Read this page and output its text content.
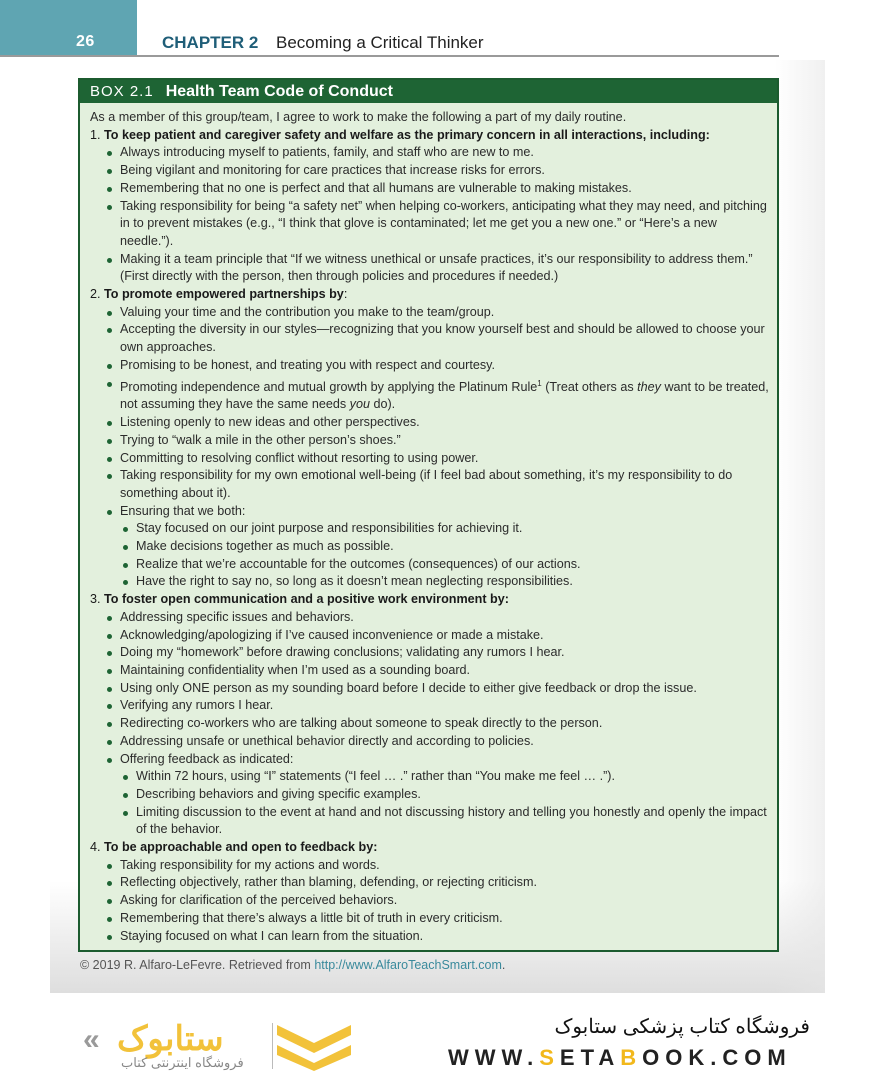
26	CHAPTER 2 Becoming a Critical Thinker
BOX 2.1 Health Team Code of Conduct
As a member of this group/team, I agree to work to make the following a part of my daily routine.
1. To keep patient and caregiver safety and welfare as the primary concern in all interactions, including:
Always introducing myself to patients, family, and staff who are new to me.
Being vigilant and monitoring for care practices that increase risks for errors.
Remembering that no one is perfect and that all humans are vulnerable to making mistakes.
Taking responsibility for being “a safety net” when helping co-workers, anticipating what they may need, and pitching in to prevent mistakes (e.g., “I think that glove is contaminated; let me get you a new one.” or “Here’s a new needle.”).
Making it a team principle that “If we witness unethical or unsafe practices, it’s our responsibility to address them.” (First directly with the person, then through policies and procedures if needed.)
2. To promote empowered partnerships by:
Valuing your time and the contribution you make to the team/group.
Accepting the diversity in our styles—recognizing that you know yourself best and should be allowed to choose your own approaches.
Promising to be honest, and treating you with respect and courtesy.
Promoting independence and mutual growth by applying the Platinum Rule$^1$ (Treat others as they want to be treated, not assuming they have the same needs you do).
Listening openly to new ideas and other perspectives.
Trying to “walk a mile in the other person’s shoes.”
Committing to resolving conflict without resorting to using power.
Taking responsibility for my own emotional well-being (if I feel bad about something, it’s my responsibility to do something about it).
Ensuring that we both:
Stay focused on our joint purpose and responsibilities for achieving it.
Make decisions together as much as possible.
Realize that we’re accountable for the outcomes (consequences) of our actions.
Have the right to say no, so long as it doesn’t mean neglecting responsibilities.
3. To foster open communication and a positive work environment by:
Addressing specific issues and behaviors.
Acknowledging/apologizing if I’ve caused inconvenience or made a mistake.
Doing my “homework” before drawing conclusions; validating any rumors I hear.
Maintaining confidentiality when I’m used as a sounding board.
Using only ONE person as my sounding board before I decide to either give feedback or drop the issue.
Verifying any rumors I hear.
Redirecting co-workers who are talking about someone to speak directly to the person.
Addressing unsafe or unethical behavior directly and according to policies.
Offering feedback as indicated:
Within 72 hours, using “I” statements (“I feel … .” rather than “You make me feel … .”).
Describing behaviors and giving specific examples.
Limiting discussion to the event at hand and not discussing history and telling you honestly and openly the impact of the behavior.
4. To be approachable and open to feedback by:
Taking responsibility for my actions and words.
Reflecting objectively, rather than blaming, defending, or rejecting criticism.
Asking for clarification of the perceived behaviors.
Remembering that there’s always a little bit of truth in every criticism.
Staying focused on what I can learn from the situation.
© 2019 R. Alfaro-LeFevre. Retrieved from http://www.AlfaroTeachSmart.com.
« ستابوک
فروشگاه اینترنتی کتاب
فروشگاه کتاب پزشکی ستابوک
WWW.SETABOOK.COM
